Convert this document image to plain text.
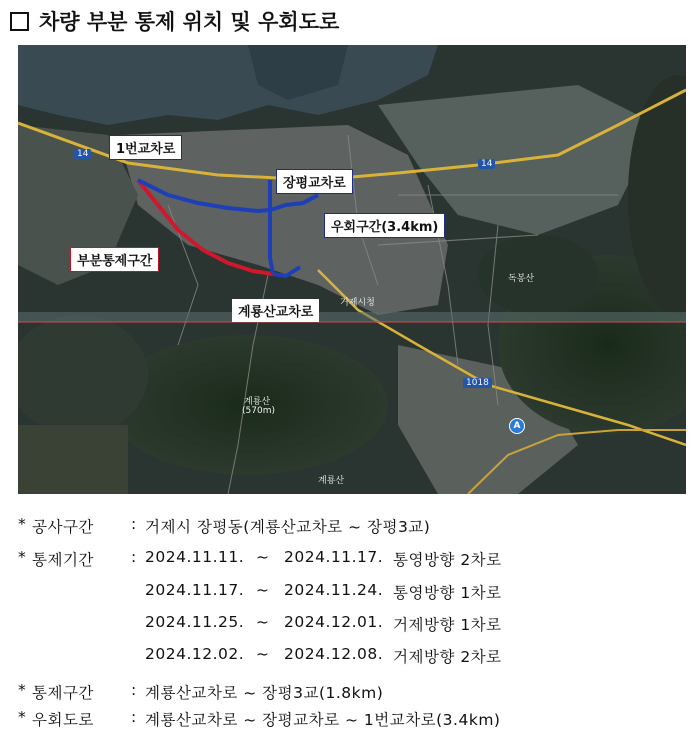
차량 부분 통제 위치 및 우회도로
14
14
1018
거제시청
계룡산
(570m)
계룡산
독봉산
A
1번교차로
장평교차로
우회구간(3.4km)
부분통제구간
계룡산교차로
* 공사구간 : 거제시 장평동(계룡산교차로 ~ 장평3교)
* 통제기간 : 2024.11.11. ~ 2024.11.17. 통영방향 2차로
2024.11.17. ~ 2024.11.24. 통영방향 1차로
2024.11.25. ~ 2024.12.01. 거제방향 1차로
2024.12.02. ~ 2024.12.08. 거제방향 2차로
* 통제구간 : 계룡산교차로 ~ 장평3교(1.8km)
* 우회도로 : 계룡산교차로 ~ 장평교차로 ~ 1번교차로(3.4km)
